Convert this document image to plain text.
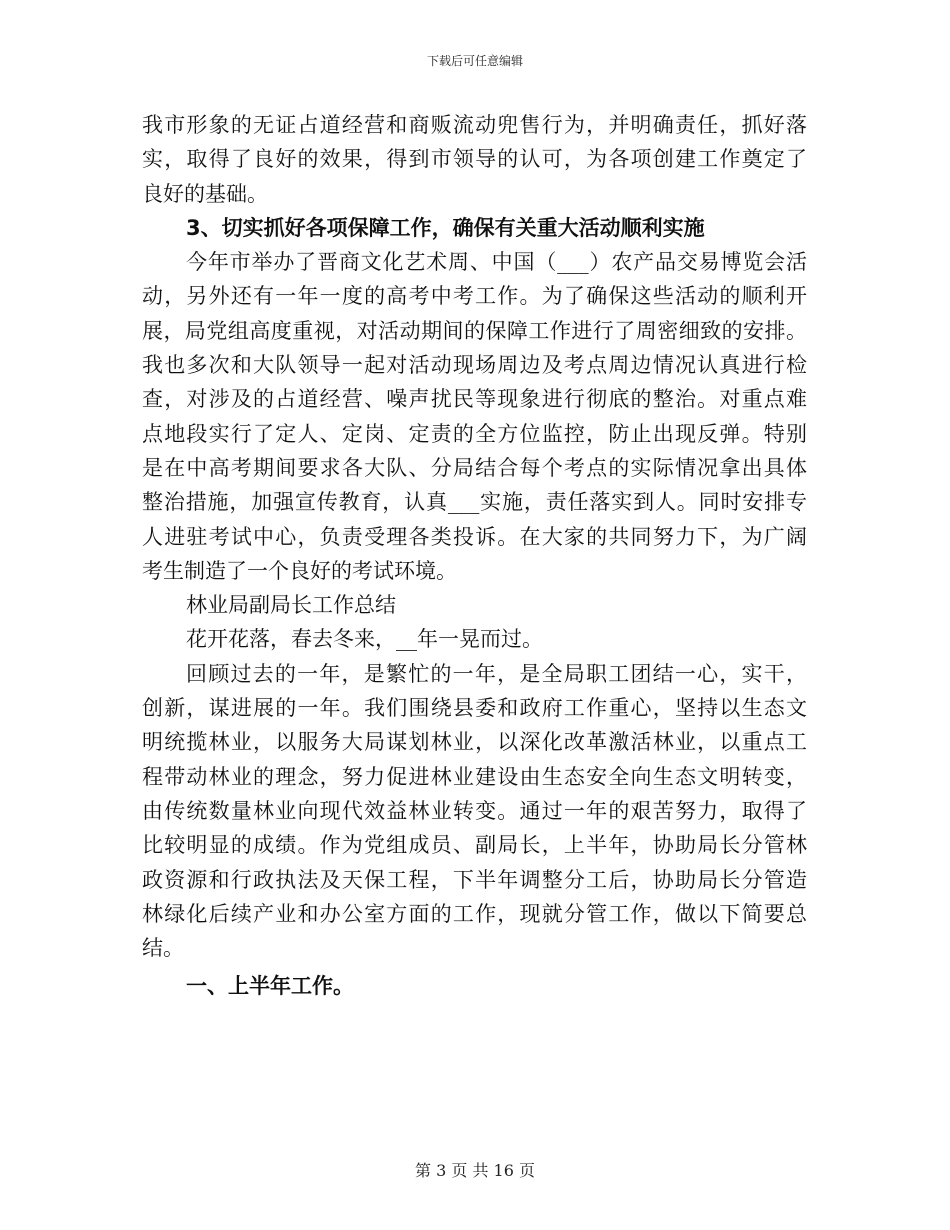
下载后可任意编辑
我市形象的无证占道经营和商贩流动兜售行为，并明确责任，抓好落
实，取得了良好的效果，得到市领导的认可，为各项创建工作奠定了
良好的基础。
3、切实抓好各项保障工作，确保有关重大活动顺利实施
今年市举办了晋商文化艺术周、中国（___）农产品交易博览会活
动，另外还有一年一度的高考中考工作。为了确保这些活动的顺利开
展，局党组高度重视，对活动期间的保障工作进行了周密细致的安排。
我也多次和大队领导一起对活动现场周边及考点周边情况认真进行检
查，对涉及的占道经营、噪声扰民等现象进行彻底的整治。对重点难
点地段实行了定人、定岗、定责的全方位监控，防止出现反弹。特别
是在中高考期间要求各大队、分局结合每个考点的实际情况拿出具体
整治措施，加强宣传教育，认真___实施，责任落实到人。同时安排专
人进驻考试中心，负责受理各类投诉。在大家的共同努力下，为广阔
考生制造了一个良好的考试环境。
林业局副局长工作总结
花开花落，春去冬来，__年一晃而过。
回顾过去的一年，是繁忙的一年，是全局职工团结一心，实干，
创新，谋进展的一年。我们围绕县委和政府工作重心，坚持以生态文
明统揽林业，以服务大局谋划林业，以深化改革激活林业，以重点工
程带动林业的理念，努力促进林业建设由生态安全向生态文明转变，
由传统数量林业向现代效益林业转变。通过一年的艰苦努力，取得了
比较明显的成绩。作为党组成员、副局长，上半年，协助局长分管林
政资源和行政执法及天保工程，下半年调整分工后，协助局长分管造
林绿化后续产业和办公室方面的工作，现就分管工作，做以下简要总
结。
一、上半年工作。
第 3 页 共 16 页
